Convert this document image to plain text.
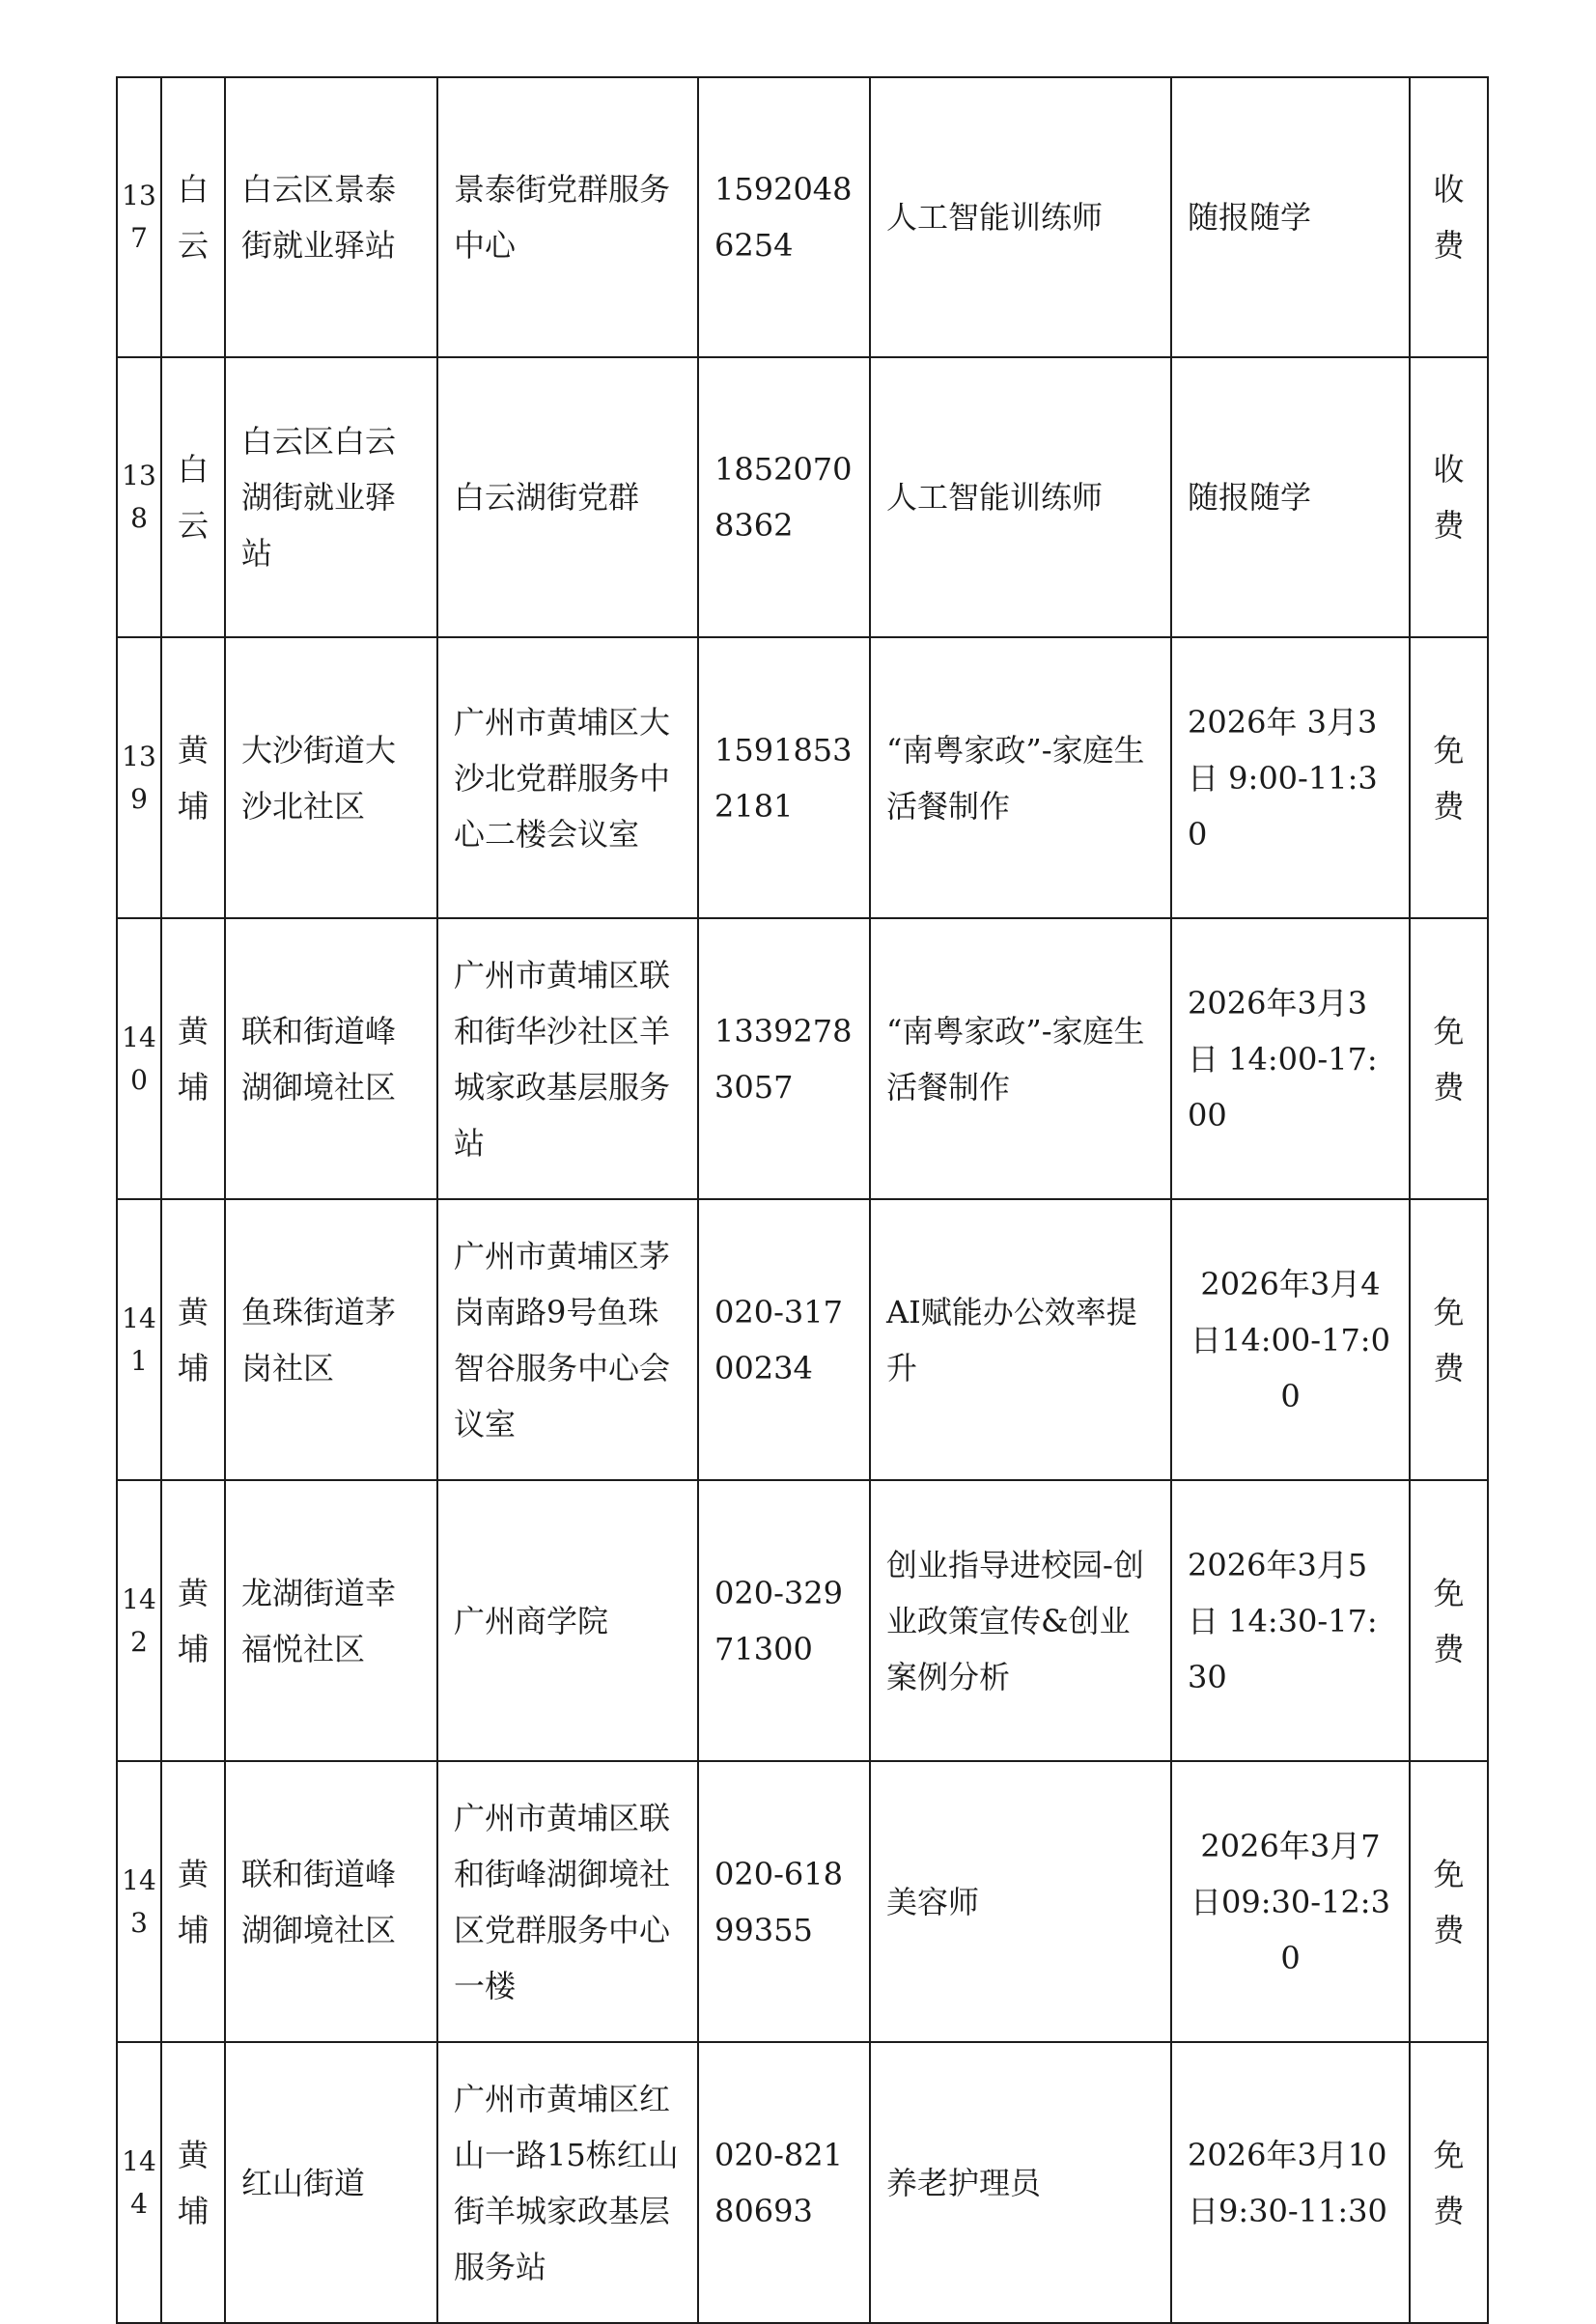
137	白云	白云区景泰街就业驿站	景泰街党群服务中心	15920486254	人工智能训练师	随报随学	收费

138	白云	白云区白云湖街就业驿站	白云湖街党群	18520708362	人工智能训练师	随报随学	收费

139	黄埔	大沙街道大沙北社区	广州市黄埔区大沙北党群服务中心二楼会议室	15918532181	“南粤家政”-家庭生活餐制作	2026年 3月3日 9:00-11:30	免费

140	黄埔	联和街道峰湖御境社区	广州市黄埔区联和街华沙社区羊城家政基层服务站	13392783057	“南粤家政”-家庭生活餐制作	2026年3月3日 14:00-17:00	免费

141	黄埔	鱼珠街道茅岗社区	广州市黄埔区茅岗南路9号鱼珠智谷服务中心会议室	020-31700234	AI赋能办公效率提升	2026年3月4日14:00-17:00	免费

142	黄埔	龙湖街道幸福悦社区	广州商学院	020-32971300	创业指导进校园-创业政策宣传&创业案例分析	2026年3月5日 14:30-17:30	免费

143	黄埔	联和街道峰湖御境社区	广州市黄埔区联和街峰湖御境社区党群服务中心一楼	020-61899355	美容师	2026年3月7日09:30-12:30	免费

144	黄埔	红山街道	广州市黄埔区红山一路15栋红山街羊城家政基层服务站	020-82180693	养老护理员	2026年3月10日9:30-11:30	免费
